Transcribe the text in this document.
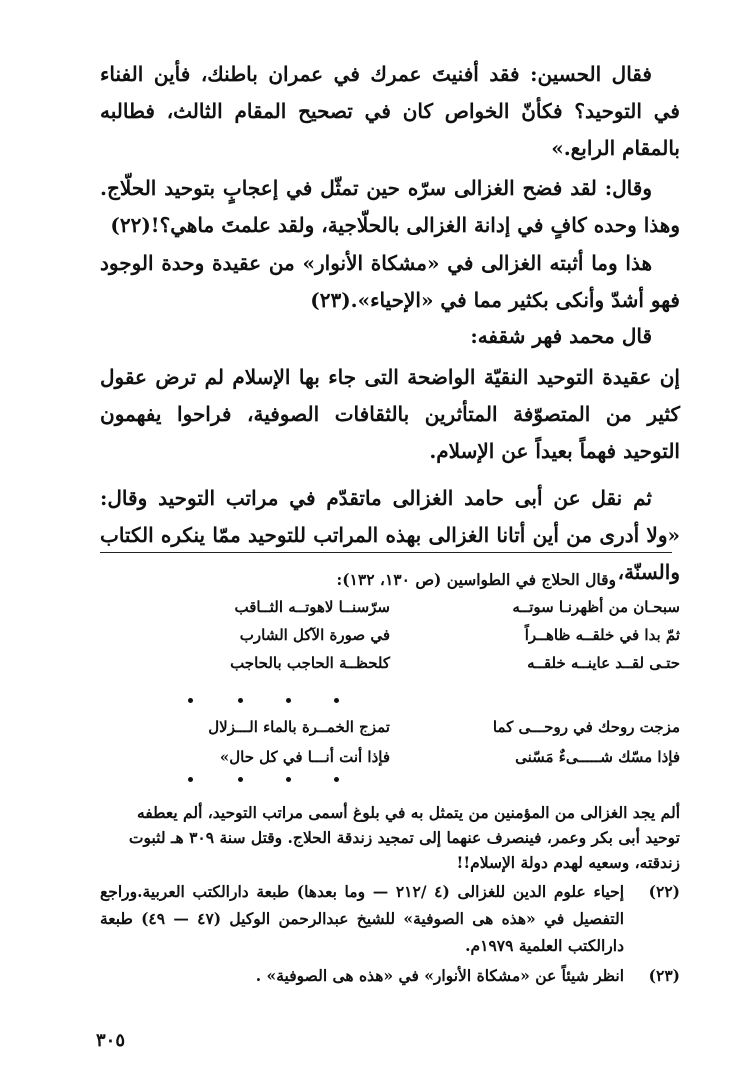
فقال الحسين: فقد أفنيتَ عمرك في عمران باطنك، فأين الفناء في التوحيد؟ فكأنّ الخواص كان في تصحيح المقام الثالث، فطالبه بالمقام الرابع.»

وقال: لقد فضح الغزالى سرّه حين تمثّل في إعجابٍ بتوحيد الحلّاج. وهذا وحده كافٍ في إدانة الغزالى بالحلّاجية، ولقد علمتَ ماهي؟!(٢٢)

هذا وما أثبته الغزالى في «مشكاة الأنوار» من عقيدة وحدة الوجود فهو أشدّ وأنكى بكثير مما في «الإحياء».(٢٣)

قال محمد فهر شقفه:

إن عقيدة التوحيد النقيّة الواضحة التى جاء بها الإسلام لم ترض عقول كثير من المتصوّفة المتأثرين بالثقافات الصوفية، فراحوا يفهمون التوحيد فهماً بعيداً عن الإسلام.

ثم نقل عن أبى حامد الغزالى ماتقدّم في مراتب التوحيد وقال: «ولا أدرى من أين أتانا الغزالى بهذه المراتب للتوحيد ممّا ينكره الكتاب والسنّة،

وقال الحلاج في الطواسين (ص ١٣٠، ١٣٢):
سبحـان من أظهرنـا سوتــه
سرّسنــا لاهوتــه الثــاقب
ثمّ بدا في خلقــه ظاهــراً
في صورة الآكل الشارب
حتـى لقــد عاينــه خلقــه
كلحظــة الحاجب بالحاجب
مزجت روحك في روحـــى كما
تمزج الخمــرة بالماء الـــزلال
فإذا مسّك شـــــىءٌ مَسّنى
فإذا أنت أنـــا في كل حال»
ألم يجد الغزالى من المؤمنين من يتمثل به في بلوغ أسمى مراتب التوحيد، ألم يعطفه توحيد أبى بكر وعمر، فينصرف عنهما إلى تمجيد زندقة الحلاج. وقتل سنة ٣٠٩ هـ لثبوت زندقته، وسعيه لهدم دولة الإسلام!!
(٢٢)
إحياء علوم الدين للغزالى (٤ /٢١٢ — وما بعدها) طبعة دارالكتب العربية.وراجع التفصيل في «هذه هى الصوفية» للشيخ عبدالرحمن الوكيل (٤٧ — ٤٩) طبعة دارالكتب العلمية ١٩٧٩م.
(٢٣)
انظر شيئاً عن «مشكاة الأنوار» في «هذه هى الصوفية» .
٣٠٥
